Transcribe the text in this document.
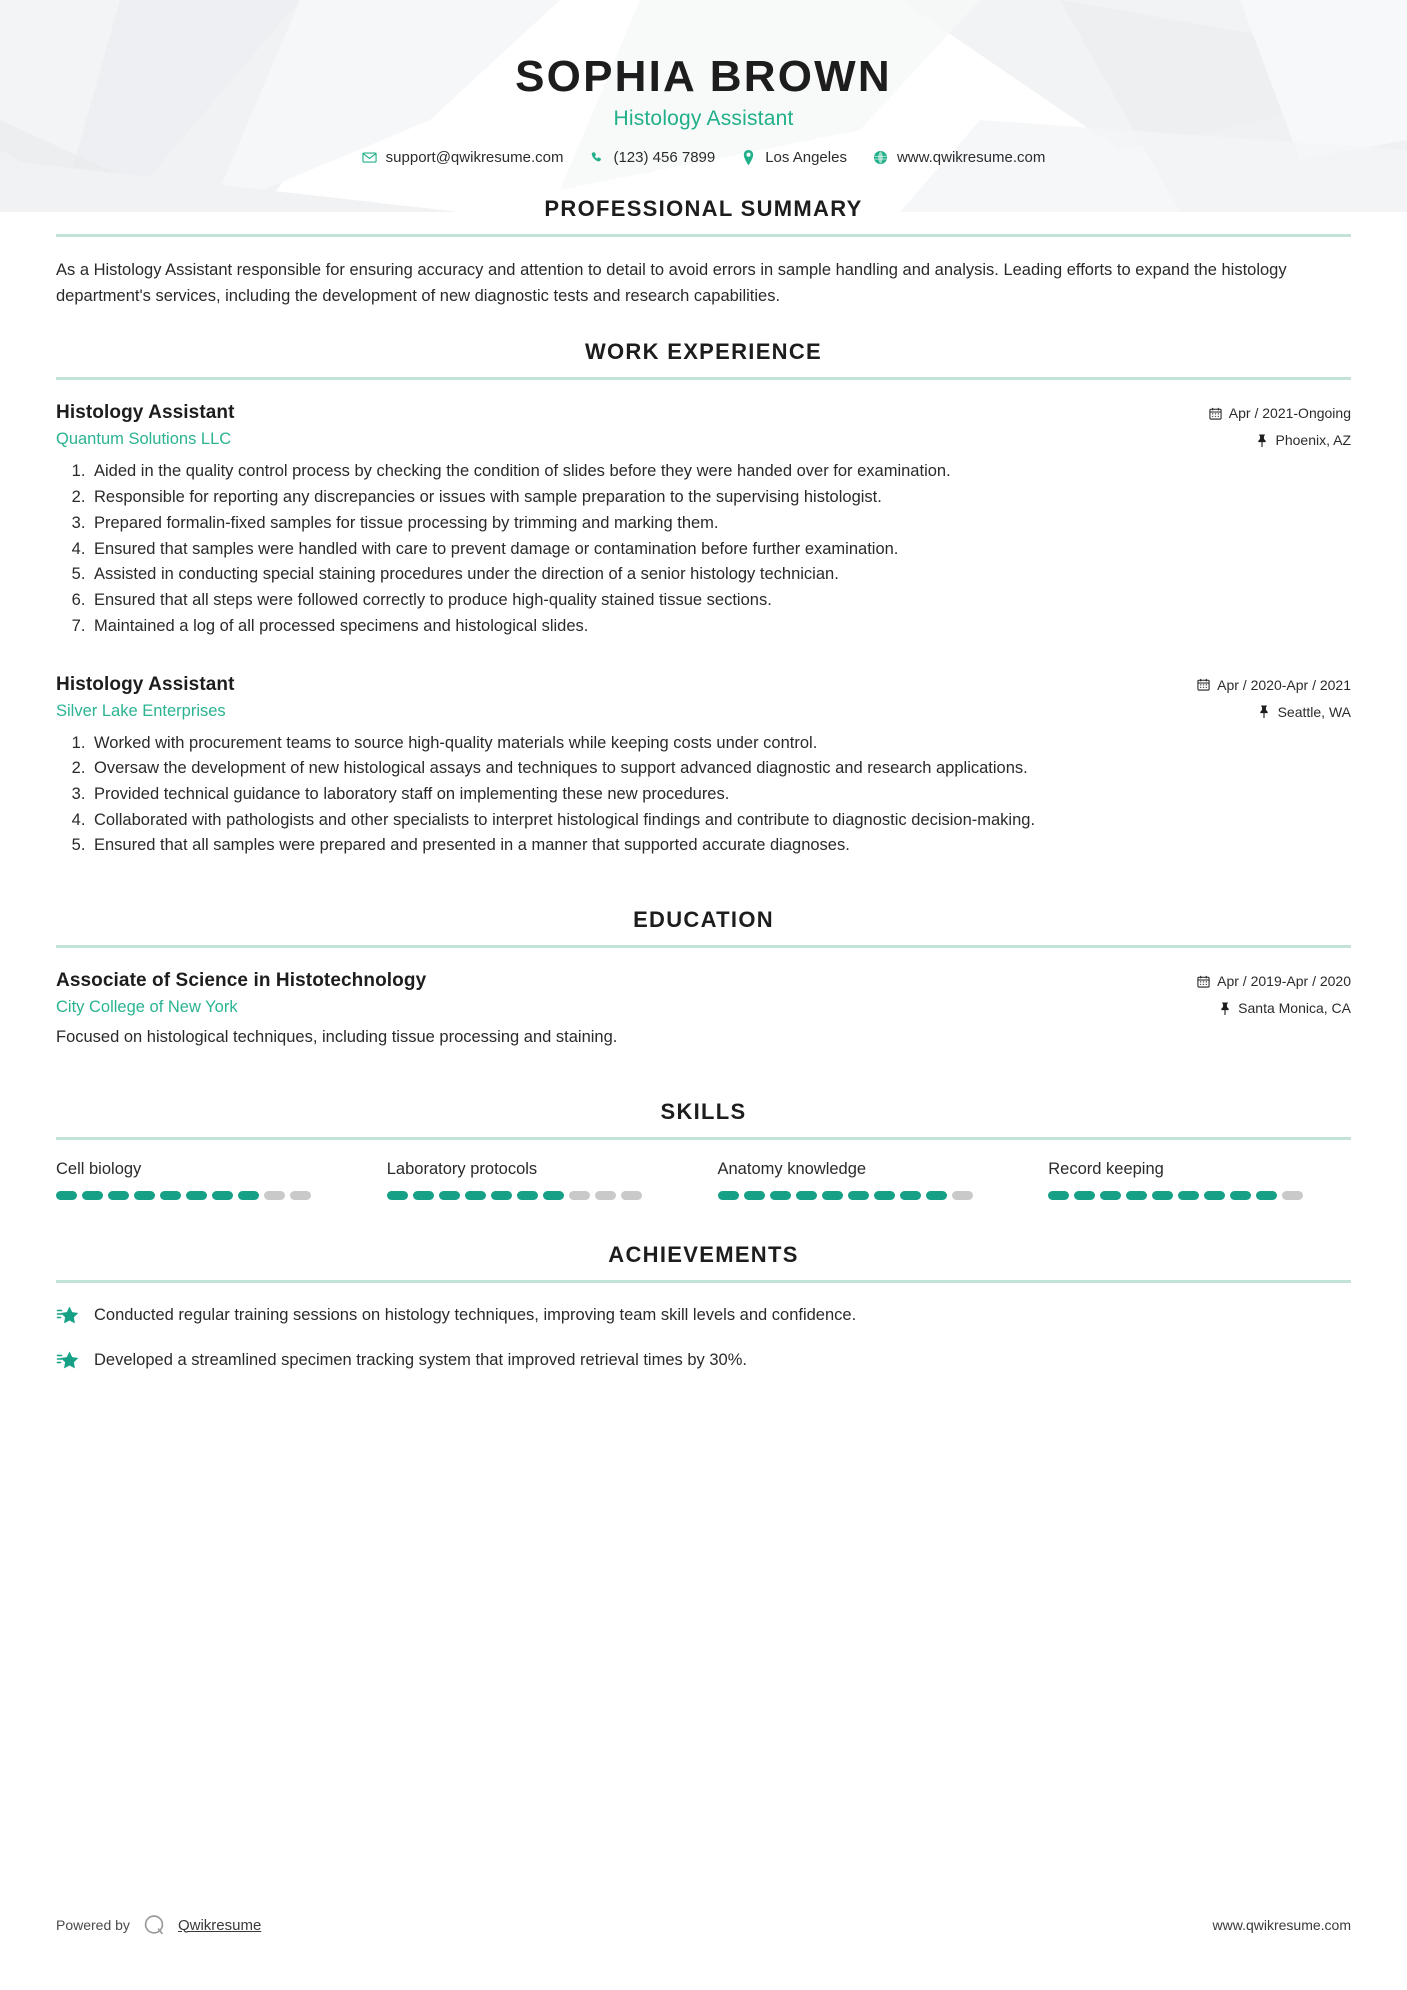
SOPHIA BROWN
Histology Assistant
support@qwikresume.com	(123) 456 7899	Los Angeles	www.qwikresume.com
PROFESSIONAL SUMMARY

As a Histology Assistant responsible for ensuring accuracy and attention to detail to avoid errors in sample handling and analysis. Leading efforts to expand the histology department's services, including the development of new diagnostic tests and research capabilities.

WORK EXPERIENCE
Histology Assistant
Quantum Solutions LLC
Apr / 2021-Ongoing
Phoenix, AZ
1. Aided in the quality control process by checking the condition of slides before they were handed over for examination.
2. Responsible for reporting any discrepancies or issues with sample preparation to the supervising histologist.
3. Prepared formalin-fixed samples for tissue processing by trimming and marking them.
4. Ensured that samples were handled with care to prevent damage or contamination before further examination.
5. Assisted in conducting special staining procedures under the direction of a senior histology technician.
6. Ensured that all steps were followed correctly to produce high-quality stained tissue sections.
7. Maintained a log of all processed specimens and histological slides.
Histology Assistant
Silver Lake Enterprises
Apr / 2020-Apr / 2021
Seattle, WA
1. Worked with procurement teams to source high-quality materials while keeping costs under control.
2. Oversaw the development of new histological assays and techniques to support advanced diagnostic and research applications.
3. Provided technical guidance to laboratory staff on implementing these new procedures.
4. Collaborated with pathologists and other specialists to interpret histological findings and contribute to diagnostic decision-making.
5. Ensured that all samples were prepared and presented in a manner that supported accurate diagnoses.
EDUCATION
Associate of Science in Histotechnology
City College of New York
Apr / 2019-Apr / 2020
Santa Monica, CA
Focused on histological techniques, including tissue processing and staining.
SKILLS
Cell biology	Laboratory protocols	Anatomy knowledge	Record keeping
ACHIEVEMENTS
Conducted regular training sessions on histology techniques, improving team skill levels and confidence.
Developed a streamlined specimen tracking system that improved retrieval times by 30%.
Powered by	Qwikresume	www.qwikresume.com
